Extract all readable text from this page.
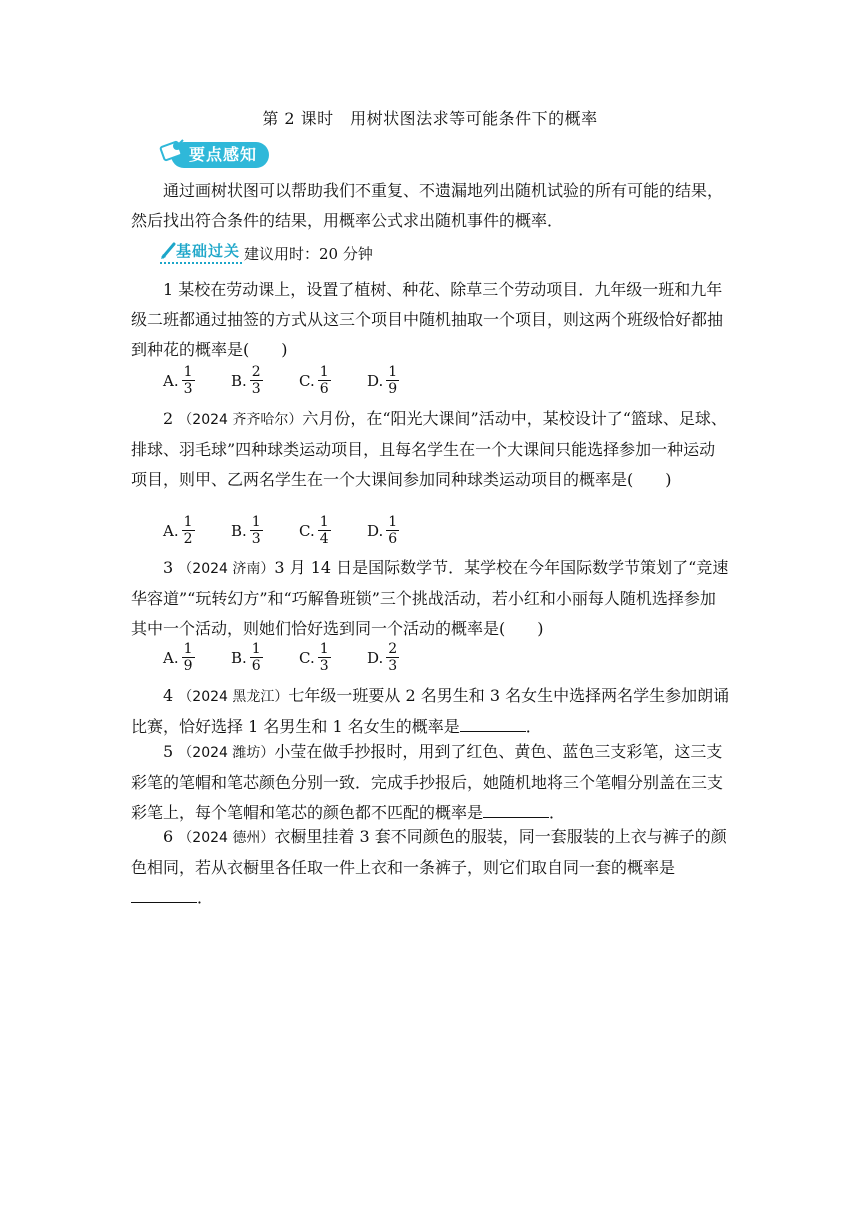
第 2 课时　用树状图法求等可能条件下的概率
要点感知
通过画树状图可以帮助我们不重复、不遗漏地列出随机试验的所有可能的结果，然后找出符合条件的结果，用概率公式求出随机事件的概率．
基础过关 建议用时：20 分钟
1 某校在劳动课上，设置了植树、种花、除草三个劳动项目．九年级一班和九年级二班都通过抽签的方式从这三个项目中随机抽取一个项目，则这两个班级恰好都抽到种花的概率是(　　)
A. $\frac{1}{3} B$. $\frac{2}{3} C$. $\frac{1}{6} D$. $\frac{1}{9}$
2 （2024 齐齐哈尔）六月份，在“阳光大课间”活动中，某校设计了“篮球、足球、排球、羽毛球”四种球类运动项目，且每名学生在一个大课间只能选择参加一种运动项目，则甲、乙两名学生在一个大课间参加同种球类运动项目的概率是(　　)
A. $\frac{1}{2} B$. $\frac{1}{3} C$. $\frac{1}{4} D$. $\frac{1}{6}$
3 （2024 济南）3 月 14 日是国际数学节．某学校在今年国际数学节策划了“竞速华容道”“玩转幻方”和“巧解鲁班锁”三个挑战活动，若小红和小丽每人随机选择参加其中一个活动，则她们恰好选到同一个活动的概率是(　　)
A. $\frac{1}{9} B$. $\frac{1}{6} C$. $\frac{1}{3} D$. $\frac{2}{3}$
4 （2024 黑龙江）七年级一班要从 2 名男生和 3 名女生中选择两名学生参加朗诵比赛，恰好选择 1 名男生和 1 名女生的概率是	．
5 （2024 潍坊）小莹在做手抄报时，用到了红色、黄色、蓝色三支彩笔，这三支彩笔的笔帽和笔芯颜色分别一致．完成手抄报后，她随机地将三个笔帽分别盖在三支彩笔上，每个笔帽和笔芯的颜色都不匹配的概率是	．
6 （2024 德州）衣橱里挂着 3 套不同颜色的服装，同一套服装的上衣与裤子的颜色相同，若从衣橱里各任取一件上衣和一条裤子，则它们取自同一套的概率是．
